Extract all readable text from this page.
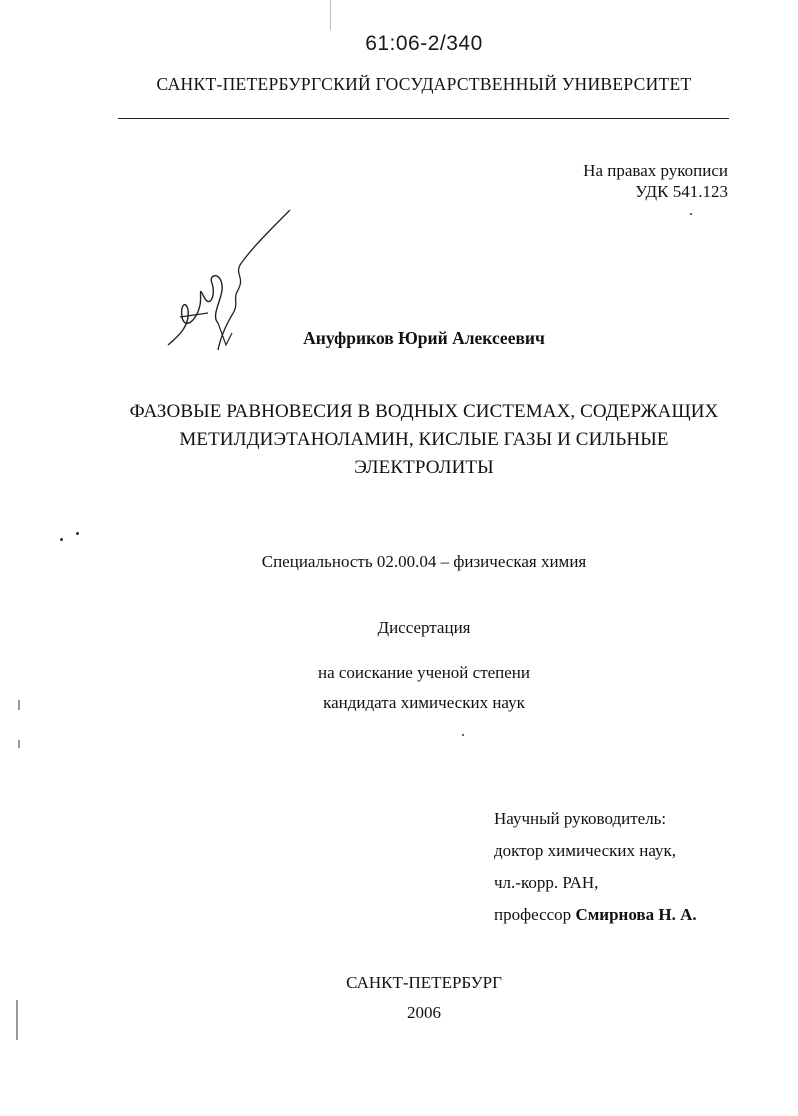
61:06-2/340
САНКТ-ПЕТЕРБУРГСКИЙ ГОСУДАРСТВЕННЫЙ УНИВЕРСИТЕТ
На правах рукописи
УДК 541.123
Ануфриков Юрий Алексеевич
ФАЗОВЫЕ РАВНОВЕСИЯ В ВОДНЫХ СИСТЕМАХ, СОДЕРЖАЩИХ
МЕТИЛДИЭТАНОЛАМИН, КИСЛЫЕ ГАЗЫ И СИЛЬНЫЕ
ЭЛЕКТРОЛИТЫ
Специальность 02.00.04 – физическая химия
Диссертация
на соискание ученой степени
кандидата химических наук
Научный руководитель:
доктор химических наук,
чл.-корр. РАН,
профессор Смирнова Н. А.
САНКТ-ПЕТЕРБУРГ
2006
